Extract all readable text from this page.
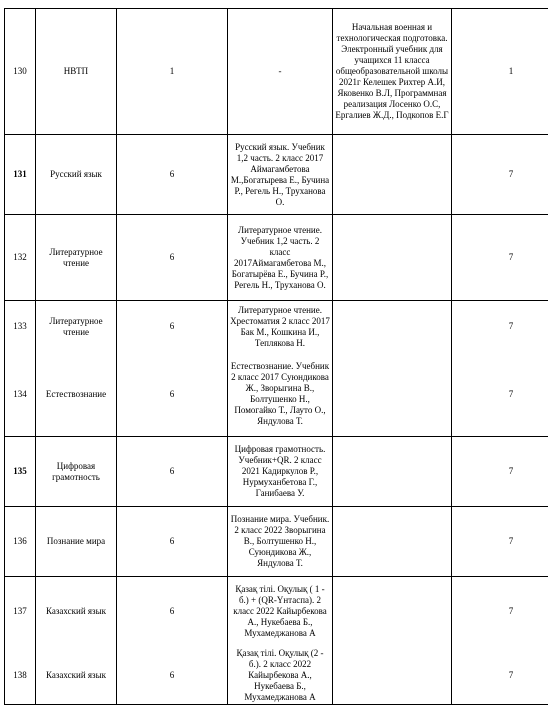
130	НВТП	1	-	Начальная военная и технологическая подготовка. Электронный учебник для учащихся 11 класса общеобразовательной школы 2021г Келешек Рихтер А.И, Яковенко В.Л, Программная реализация Лосенко О.С, Ергалиев Ж.Д., Подкопов Е.Г	1
131	Русский язык	6	Русский язык. Учебник 1,2 часть. 2 класс 2017 Аймагамбетова М.,Богатырева Е., Бучина Р., Регель Н., Труханова О.		7
132	Литературное чтение	6	Литературное чтение. Учебник 1,2 часть. 2 класс 2017Аймагамбетова М., Богатырёва Е., Бучина Р., Регель Н., Труханова О.		7
133	Литературное чтение	6	Литературное чтение. Хрестоматия 2 класс 2017 Бак М., Кошкина И., Теплякова Н.		7
134	Естествознание	6	Естествознание. Учебник 2 класс 2017 Суюндикова Ж., Зворыгина В., Болтушенко Н., Помогайко Т., Лауто О., Яндулова Т.		7
135	Цифровая грамотность	6	Цифровая грамотность. Учебник+QR. 2 класс 2021 Кадиркулов Р., Нурмуханбетова Г., Ганибаева У.		7
136	Познание мира	6	Познание мира. Учебник. 2 класс 2022 Зворыгина В., Болтушенко Н., Суюндикова Ж., Яндулова Т.		7
137	Казахский язык	6	Қазақ тілі. Оқулық ( 1 - б.) + (QR-Үнтаспа). 2 класс 2022 Кайырбекова А., Нукебаева Б., Мухамеджанова А		7
138	Казахский язык	6	Қазақ тілі. Оқулық (2 - б.). 2 класс 2022 Кайырбекова А., Нукебаева Б., Мухамеджанова А		7
